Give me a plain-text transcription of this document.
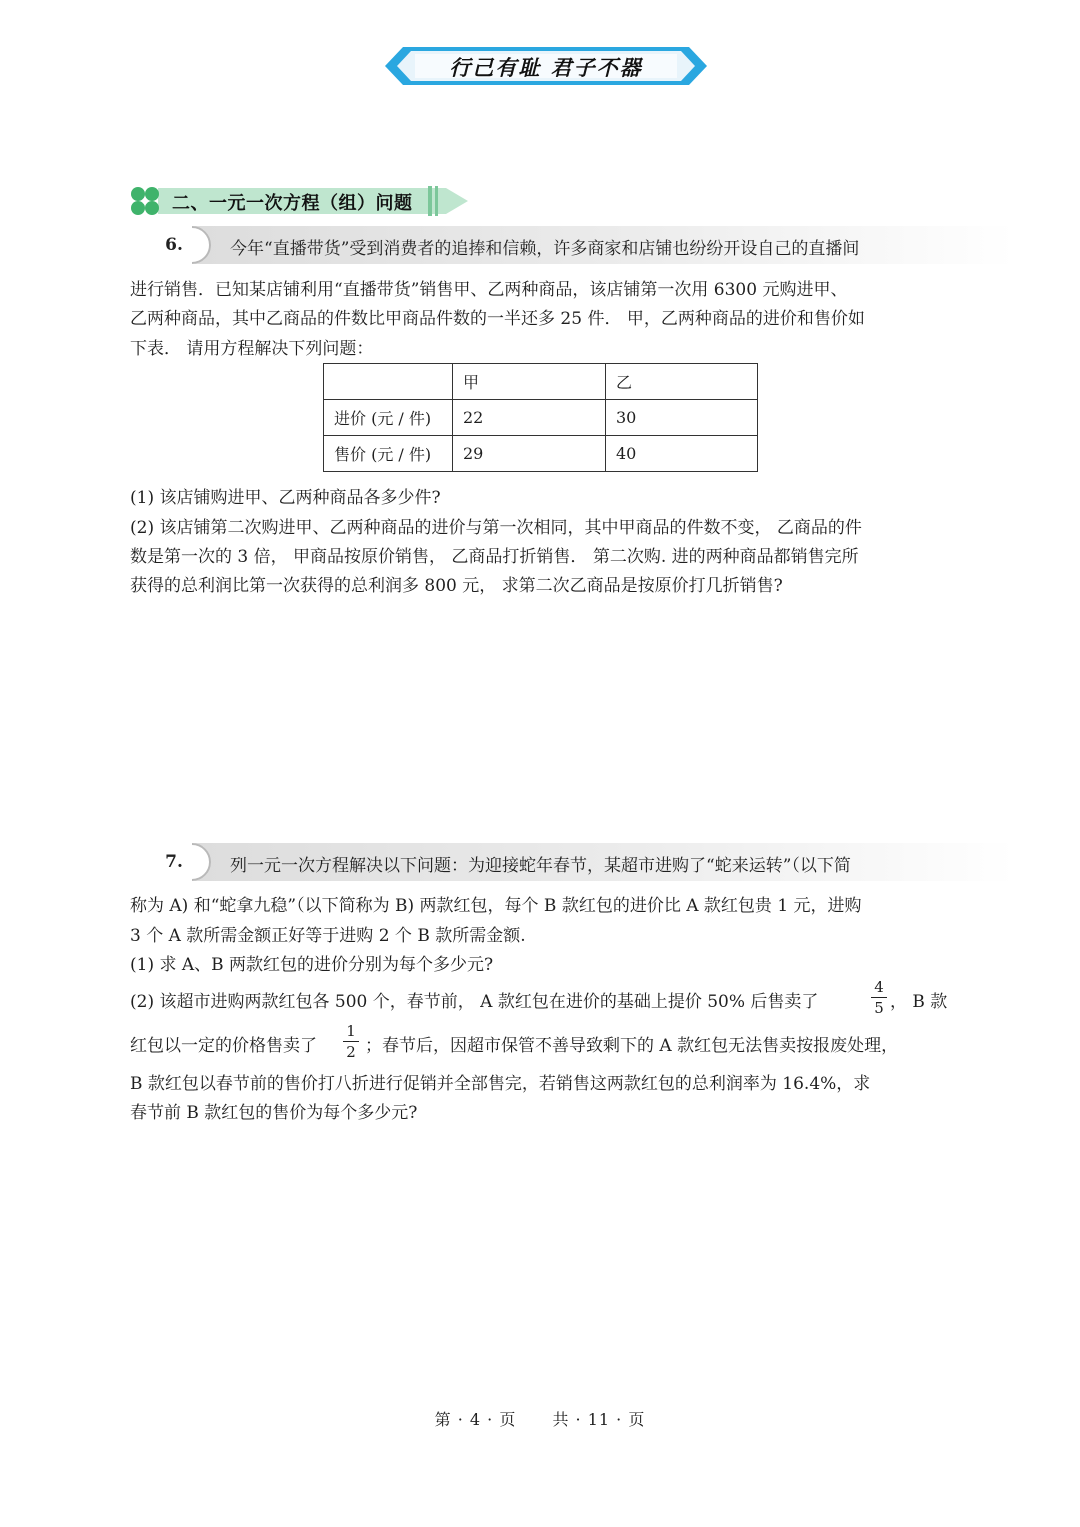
行己有耻 君子不器
二、一元一次方程（组）问题
6.	今年“直播带货”受到消费者的追捧和信赖，许多商家和店铺也纷纷开设自己的直播间
进行销售．已知某店铺利用“直播带货”销售甲、乙两种商品，该店铺第一次用 6300 元购进甲、
乙两种商品，其中乙商品的件数比甲商品件数的一半还多 25 件． 甲，乙两种商品的进价和售价如
下表． 请用方程解决下列问题：
	甲	乙
进价 (元 / 件)	22	30
售价 (元 / 件)	29	40
(1) 该店铺购进甲、乙两种商品各多少件?
(2) 该店铺第二次购进甲、乙两种商品的进价与第一次相同，其中甲商品的件数不变， 乙商品的件
数是第一次的 3 倍， 甲商品按原价销售， 乙商品打折销售． 第二次购. 进的两种商品都销售完所
获得的总利润比第一次获得的总利润多 800 元， 求第二次乙商品是按原价打几折销售?
7.	列一元一次方程解决以下问题：为迎接蛇年春节，某超市进购了“蛇来运转”（以下简
称为 A) 和“蛇拿九稳”（以下简称为 B) 两款红包，每个 B 款红包的进价比 A 款红包贵 1 元，进购
3 个 A 款所需金额正好等于进购 2 个 B 款所需金额.
(1) 求 A、B 两款红包的进价分别为每个多少元?
(2) 该超市进购两款红包各 500 个，春节前， A 款红包在进价的基础上提价 50% 后售卖了
4
5 ， B 款
红包以一定的价格售卖了
1
2 ；春节后，因超市保管不善导致剩下的 A 款红包无法售卖按报废处理，
B 款红包以春节前的售价打八折进行促销并全部售完，若销售这两款红包的总利润率为 16.4%，求
春节前 B 款红包的售价为每个多少元?
第 · 4 · 页 共 · 11 · 页
